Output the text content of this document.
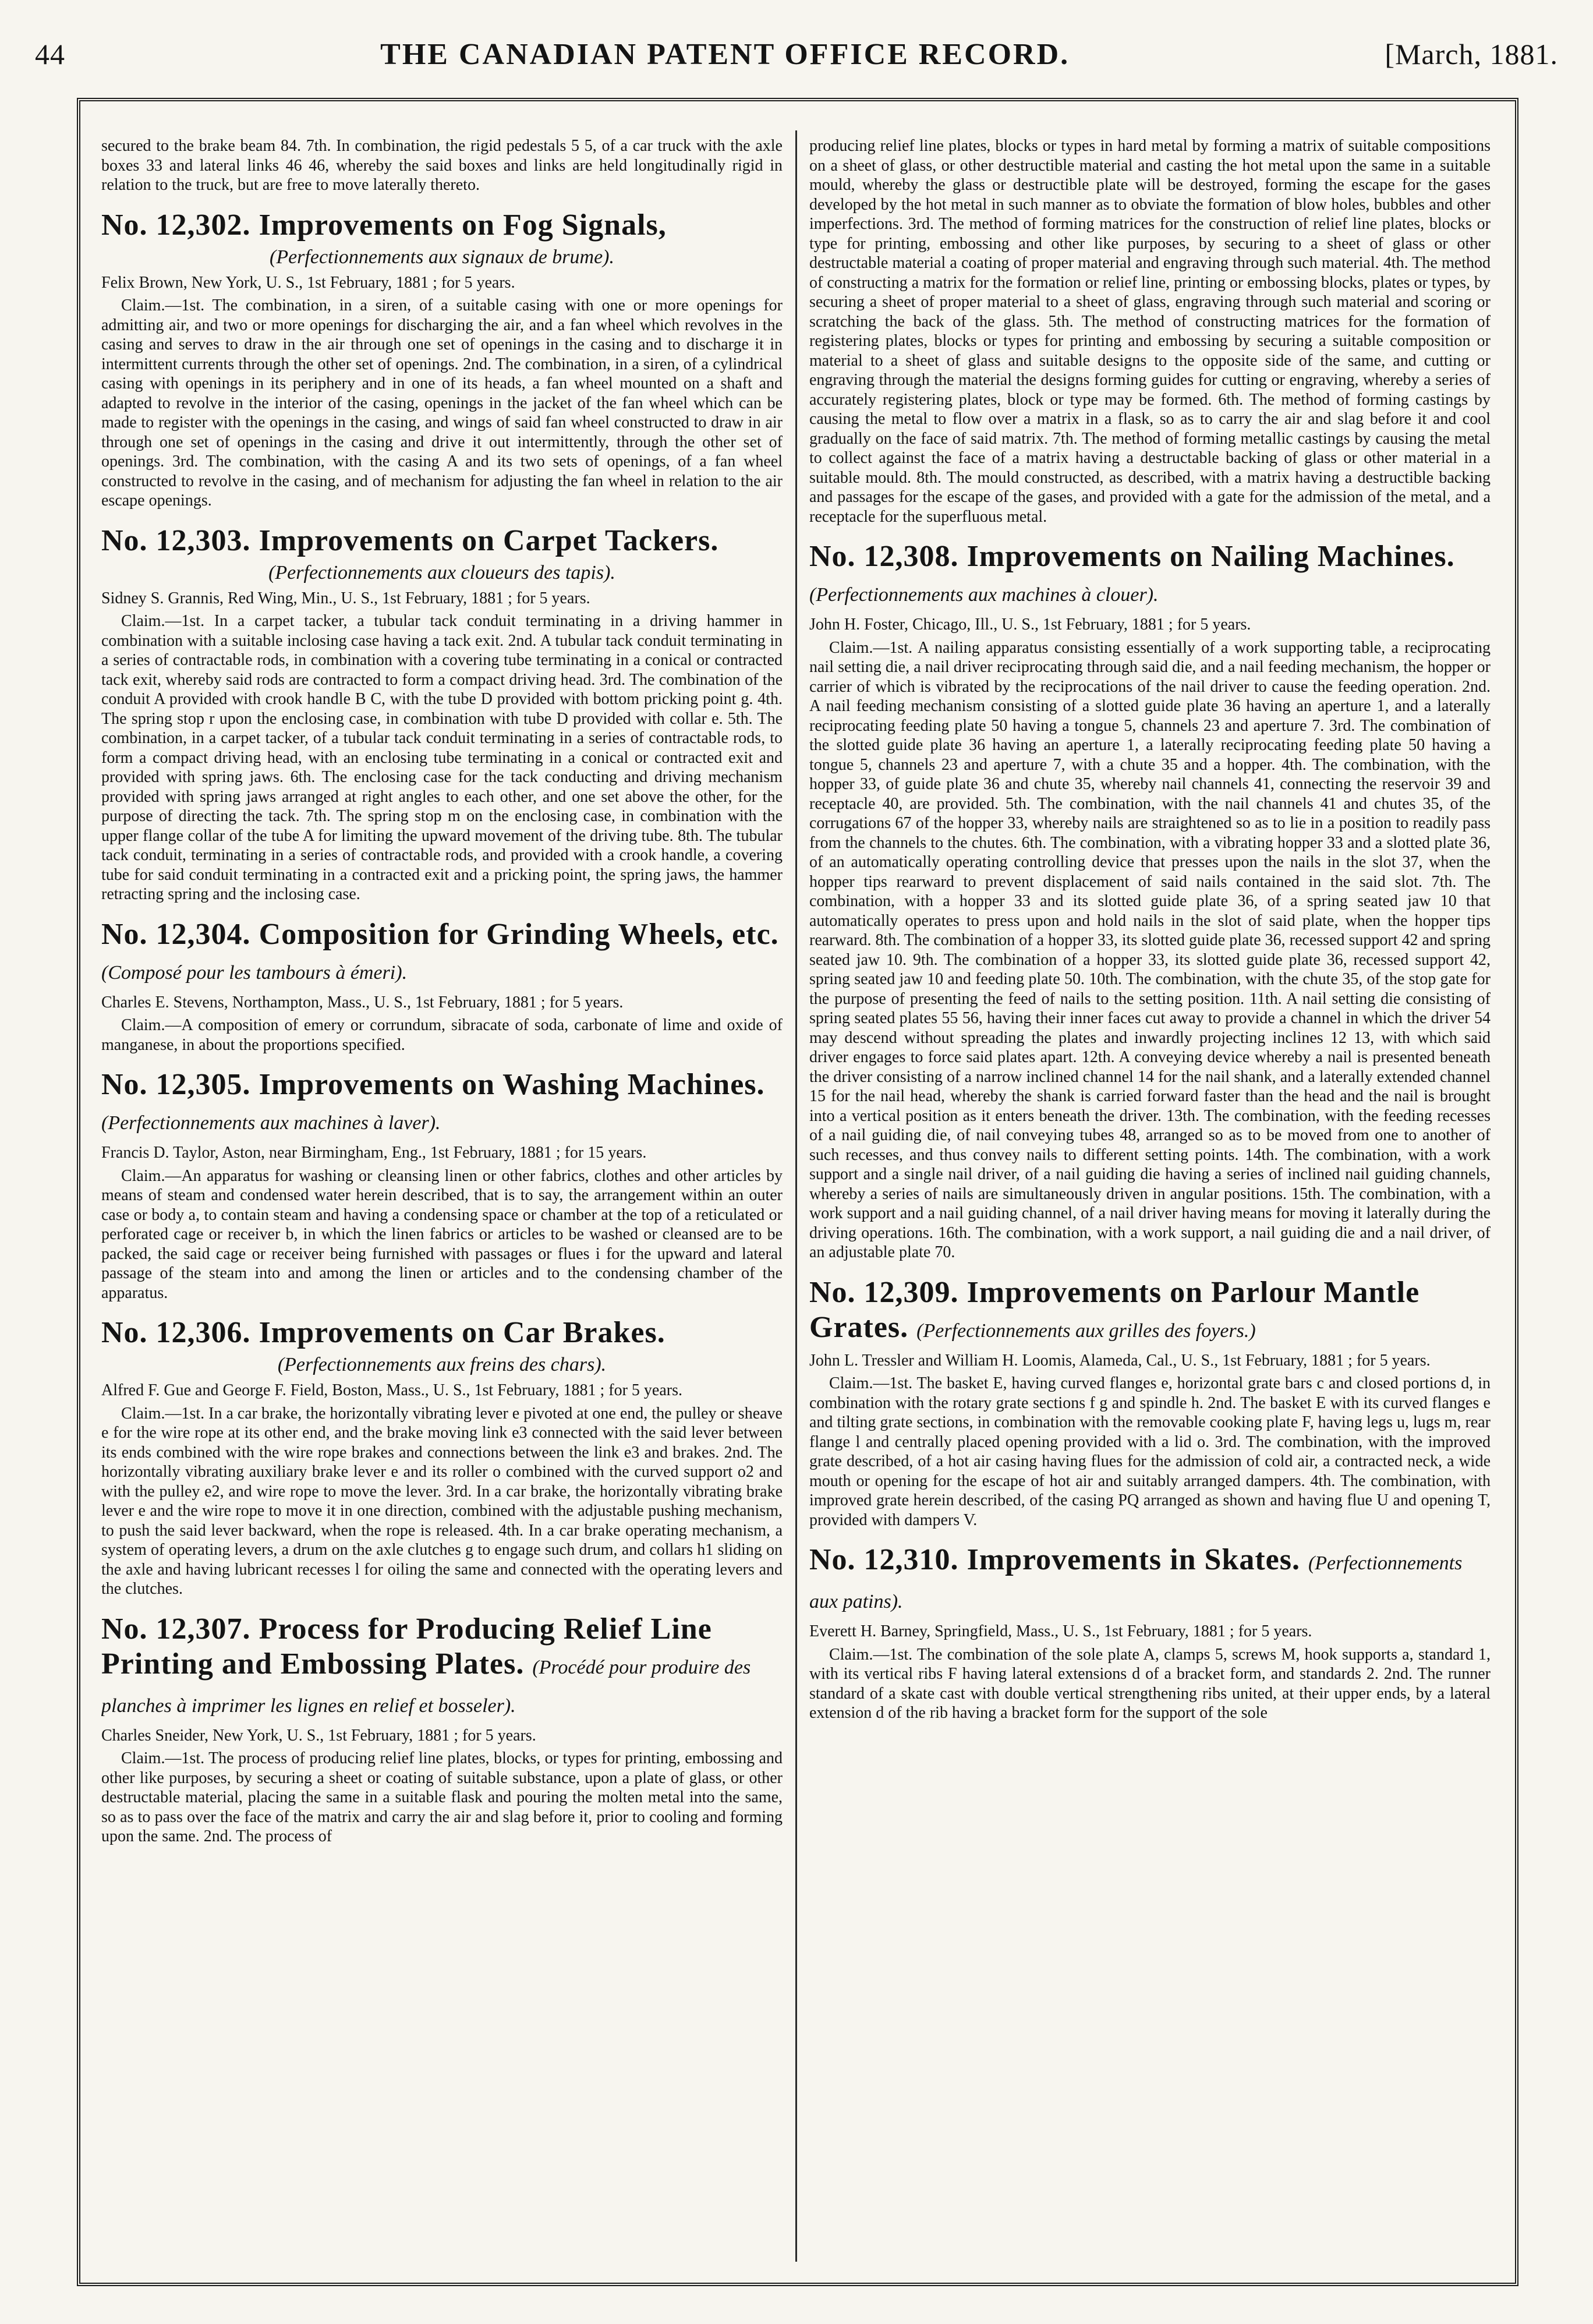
44	THE CANADIAN PATENT OFFICE RECORD.	[March, 1881.

secured to the brake beam 84. 7th. In combination, the rigid pedestals 5 5, of a car truck with the axle boxes 33 and lateral links 46 46, whereby the said boxes and links are held longitudinally rigid in relation to the truck, but are free to move laterally thereto.

No. 12,302. Improvements on Fog Signals,

(Perfectionnements aux signaux de brume).

Felix Brown, New York, U. S., 1st February, 1881 ; for 5 years.

Claim.—1st. The combination, in a siren, of a suitable casing with one or more openings for admitting air, and two or more openings for discharging the air, and a fan wheel which revolves in the casing and serves to draw in the air through one set of openings in the casing and to discharge it in intermittent currents through the other set of openings. 2nd. The combination, in a siren, of a cylindrical casing with openings in its periphery and in one of its heads, a fan wheel mounted on a shaft and adapted to revolve in the interior of the casing, openings in the jacket of the fan wheel which can be made to register with the openings in the casing, and wings of said fan wheel constructed to draw in air through one set of openings in the casing and drive it out intermittently, through the other set of openings. 3rd. The combination, with the casing A and its two sets of openings, of a fan wheel constructed to revolve in the casing, and of mechanism for adjusting the fan wheel in relation to the air escape openings.

No. 12,303. Improvements on Carpet Tackers.

(Perfectionnements aux cloueurs des tapis).

Sidney S. Grannis, Red Wing, Min., U. S., 1st February, 1881 ; for 5 years.

Claim.—1st. In a carpet tacker, a tubular tack conduit terminating in a driving hammer in combination with a suitable inclosing case having a tack exit. 2nd. A tubular tack conduit terminating in a series of contractable rods, in combination with a covering tube terminating in a conical or contracted tack exit, whereby said rods are contracted to form a compact driving head. 3rd. The combination of the conduit A provided with crook handle B C, with the tube D provided with bottom pricking point g. 4th. The spring stop r upon the enclosing case, in combination with tube D provided with collar e. 5th. The combination, in a carpet tacker, of a tubular tack conduit terminating in a series of contractable rods, to form a compact driving head, with an enclosing tube terminating in a conical or contracted exit and provided with spring jaws. 6th. The enclosing case for the tack conducting and driving mechanism provided with spring jaws arranged at right angles to each other, and one set above the other, for the purpose of directing the tack. 7th. The spring stop m on the enclosing case, in combination with the upper flange collar of the tube A for limiting the upward movement of the driving tube. 8th. The tubular tack conduit, terminating in a series of contractable rods, and provided with a crook handle, a covering tube for said conduit terminating in a contracted exit and a pricking point, the spring jaws, the hammer retracting spring and the inclosing case.

No. 12,304. Composition for Grinding Wheels, etc. (Composé pour les tambours à émeri).

Charles E. Stevens, Northampton, Mass., U. S., 1st February, 1881 ; for 5 years.

Claim.—A composition of emery or corrundum, sibracate of soda, carbonate of lime and oxide of manganese, in about the proportions specified.

No. 12,305. Improvements on Washing Machines. (Perfectionnements aux machines à laver).

Francis D. Taylor, Aston, near Birmingham, Eng., 1st February, 1881 ; for 15 years.

Claim.—An apparatus for washing or cleansing linen or other fabrics, clothes and other articles by means of steam and condensed water herein described, that is to say, the arrangement within an outer case or body a, to contain steam and having a condensing space or chamber at the top of a reticulated or perforated cage or receiver b, in which the linen fabrics or articles to be washed or cleansed are to be packed, the said cage or receiver being furnished with passages or flues i for the upward and lateral passage of the steam into and among the linen or articles and to the condensing chamber of the apparatus.

No. 12,306. Improvements on Car Brakes.

(Perfectionnements aux freins des chars).

Alfred F. Gue and George F. Field, Boston, Mass., U. S., 1st February, 1881 ; for 5 years.

Claim.—1st. In a car brake, the horizontally vibrating lever e pivoted at one end, the pulley or sheave e for the wire rope at its other end, and the brake moving link e3 connected with the said lever between its ends combined with the wire rope brakes and connections between the link e3 and brakes. 2nd. The horizontally vibrating auxiliary brake lever e and its roller o combined with the curved support o2 and with the pulley e2, and wire rope to move the lever. 3rd. In a car brake, the horizontally vibrating brake lever e and the wire rope to move it in one direction, combined with the adjustable pushing mechanism, to push the said lever backward, when the rope is released. 4th. In a car brake operating mechanism, a system of operating levers, a drum on the axle clutches g to engage such drum, and collars h1 sliding on the axle and having lubricant recesses l for oiling the same and connected with the operating levers and the clutches.

No. 12,307. Process for Producing Relief Line Printing and Embossing Plates. (Procédé pour produire des planches à imprimer les lignes en relief et bosseler).

Charles Sneider, New York, U. S., 1st February, 1881 ; for 5 years.

Claim.—1st. The process of producing relief line plates, blocks, or types for printing, embossing and other like purposes, by securing a sheet or coating of suitable substance, upon a plate of glass, or other destructable material, placing the same in a suitable flask and pouring the molten metal into the same, so as to pass over the face of the matrix and carry the air and slag before it, prior to cooling and forming upon the same. 2nd. The process of

producing relief line plates, blocks or types in hard metal by forming a matrix of suitable compositions on a sheet of glass, or other destructible material and casting the hot metal upon the same in a suitable mould, whereby the glass or destructible plate will be destroyed, forming the escape for the gases developed by the hot metal in such manner as to obviate the formation of blow holes, bubbles and other imperfections. 3rd. The method of forming matrices for the construction of relief line plates, blocks or type for printing, embossing and other like purposes, by securing to a sheet of glass or other destructable material a coating of proper material and engraving through such material. 4th. The method of constructing a matrix for the formation or relief line, printing or embossing blocks, plates or types, by securing a sheet of proper material to a sheet of glass, engraving through such material and scoring or scratching the back of the glass. 5th. The method of constructing matrices for the formation of registering plates, blocks or types for printing and embossing by securing a suitable composition or material to a sheet of glass and suitable designs to the opposite side of the same, and cutting or engraving through the material the designs forming guides for cutting or engraving, whereby a series of accurately registering plates, block or type may be formed. 6th. The method of forming castings by causing the metal to flow over a matrix in a flask, so as to carry the air and slag before it and cool gradually on the face of said matrix. 7th. The method of forming metallic castings by causing the metal to collect against the face of a matrix having a destructable backing of glass or other material in a suitable mould. 8th. The mould constructed, as described, with a matrix having a destructible backing and passages for the escape of the gases, and provided with a gate for the admission of the metal, and a receptacle for the superfluous metal.

No. 12,308. Improvements on Nailing Machines. (Perfectionnements aux machines à clouer).

John H. Foster, Chicago, Ill., U. S., 1st February, 1881 ; for 5 years.

Claim.—1st. A nailing apparatus consisting essentially of a work supporting table, a reciprocating nail setting die, a nail driver reciprocating through said die, and a nail feeding mechanism, the hopper or carrier of which is vibrated by the reciprocations of the nail driver to cause the feeding operation. 2nd. A nail feeding mechanism consisting of a slotted guide plate 36 having an aperture 1, and a laterally reciprocating feeding plate 50 having a tongue 5, channels 23 and aperture 7. 3rd. The combination of the slotted guide plate 36 having an aperture 1, a laterally reciprocating feeding plate 50 having a tongue 5, channels 23 and aperture 7, with a chute 35 and a hopper. 4th. The combination, with the hopper 33, of guide plate 36 and chute 35, whereby nail channels 41, connecting the reservoir 39 and receptacle 40, are provided. 5th. The combination, with the nail channels 41 and chutes 35, of the corrugations 67 of the hopper 33, whereby nails are straightened so as to lie in a position to readily pass from the channels to the chutes. 6th. The combination, with a vibrating hopper 33 and a slotted plate 36, of an automatically operating controlling device that presses upon the nails in the slot 37, when the hopper tips rearward to prevent displacement of said nails contained in the said slot. 7th. The combination, with a hopper 33 and its slotted guide plate 36, of a spring seated jaw 10 that automatically operates to press upon and hold nails in the slot of said plate, when the hopper tips rearward. 8th. The combination of a hopper 33, its slotted guide plate 36, recessed support 42 and spring seated jaw 10. 9th. The combination of a hopper 33, its slotted guide plate 36, recessed support 42, spring seated jaw 10 and feeding plate 50. 10th. The combination, with the chute 35, of the stop gate for the purpose of presenting the feed of nails to the setting position. 11th. A nail setting die consisting of spring seated plates 55 56, having their inner faces cut away to provide a channel in which the driver 54 may descend without spreading the plates and inwardly projecting inclines 12 13, with which said driver engages to force said plates apart. 12th. A conveying device whereby a nail is presented beneath the driver consisting of a narrow inclined channel 14 for the nail shank, and a laterally extended channel 15 for the nail head, whereby the shank is carried forward faster than the head and the nail is brought into a vertical position as it enters beneath the driver. 13th. The combination, with the feeding recesses of a nail guiding die, of nail conveying tubes 48, arranged so as to be moved from one to another of such recesses, and thus convey nails to different setting points. 14th. The combination, with a work support and a single nail driver, of a nail guiding die having a series of inclined nail guiding channels, whereby a series of nails are simultaneously driven in angular positions. 15th. The combination, with a work support and a nail guiding channel, of a nail driver having means for moving it laterally during the driving operations. 16th. The combination, with a work support, a nail guiding die and a nail driver, of an adjustable plate 70.

No. 12,309. Improvements on Parlour Mantle Grates. (Perfectionnements aux grilles des foyers.)

John L. Tressler and William H. Loomis, Alameda, Cal., U. S., 1st February, 1881 ; for 5 years.

Claim.—1st. The basket E, having curved flanges e, horizontal grate bars c and closed portions d, in combination with the rotary grate sections f g and spindle h. 2nd. The basket E with its curved flanges e and tilting grate sections, in combination with the removable cooking plate F, having legs u, lugs m, rear flange l and centrally placed opening provided with a lid o. 3rd. The combination, with the improved grate described, of a hot air casing having flues for the admission of cold air, a contracted neck, a wide mouth or opening for the escape of hot air and suitably arranged dampers. 4th. The combination, with improved grate herein described, of the casing PQ arranged as shown and having flue U and opening T, provided with dampers V.

No. 12,310. Improvements in Skates. (Perfectionnements aux patins).

Everett H. Barney, Springfield, Mass., U. S., 1st February, 1881 ; for 5 years.

Claim.—1st. The combination of the sole plate A, clamps 5, screws M, hook supports a, standard 1, with its vertical ribs F having lateral extensions d of a bracket form, and standards 2. 2nd. The runner standard of a skate cast with double vertical strengthening ribs united, at their upper ends, by a lateral extension d of the rib having a bracket form for the support of the sole
